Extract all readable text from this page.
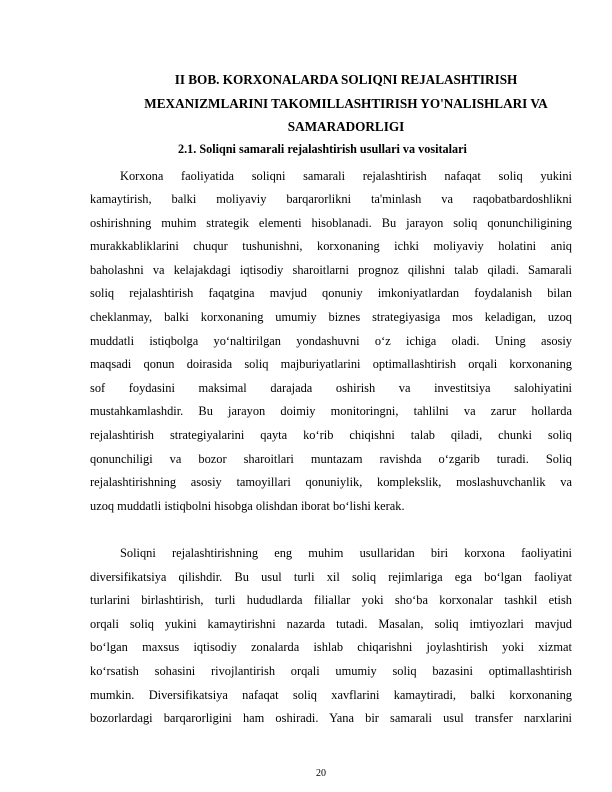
II BOB. KORXONALARDA SOLIQNI REJALASHTIRISH
MEXANIZMLARINI TAKOMILLASHTIRISH YO'NALISHLARI VA
SAMARADORLIGI
2.1. Soliqni samarali rejalashtirish usullari va vositalari
Korxona faoliyatida soliqni samarali rejalashtirish nafaqat soliq yukini
kamaytirish, balki moliyaviy barqarorlikni ta'minlash va raqobatbardoshlikni
oshirishning muhim strategik elementi hisoblanadi. Bu jarayon soliq qonunchiligining
murakkabliklarini chuqur tushunishni, korxonaning ichki moliyaviy holatini aniq
baholashni va kelajakdagi iqtisodiy sharoitlarni prognoz qilishni talab qiladi. Samarali
soliq rejalashtirish faqatgina mavjud qonuniy imkoniyatlardan foydalanish bilan
cheklanmay, balki korxonaning umumiy biznes strategiyasiga mos keladigan, uzoq
muddatli istiqbolga yo‘naltirilgan yondashuvni o‘z ichiga oladi. Uning asosiy
maqsadi qonun doirasida soliq majburiyatlarini optimallashtirish orqali korxonaning
sof foydasini maksimal darajada oshirish va investitsiya salohiyatini
mustahkamlashdir. Bu jarayon doimiy monitoringni, tahlilni va zarur hollarda
rejalashtirish strategiyalarini qayta ko‘rib chiqishni talab qiladi, chunki soliq
qonunchiligi va bozor sharoitlari muntazam ravishda o‘zgarib turadi. Soliq
rejalashtirishning asosiy tamoyillari qonuniylik, komplekslik, moslashuvchanlik va
uzoq muddatli istiqbolni hisobga olishdan iborat bo‘lishi kerak.
Soliqni rejalashtirishning eng muhim usullaridan biri korxona faoliyatini
diversifikatsiya qilishdir. Bu usul turli xil soliq rejimlariga ega bo‘lgan faoliyat
turlarini birlashtirish, turli hududlarda filiallar yoki sho‘ba korxonalar tashkil etish
orqali soliq yukini kamaytirishni nazarda tutadi. Masalan, soliq imtiyozlari mavjud
bo‘lgan maxsus iqtisodiy zonalarda ishlab chiqarishni joylashtirish yoki xizmat
ko‘rsatish sohasini rivojlantirish orqali umumiy soliq bazasini optimallashtirish
mumkin. Diversifikatsiya nafaqat soliq xavflarini kamaytiradi, balki korxonaning
bozorlardagi barqarorligini ham oshiradi. Yana bir samarali usul transfer narxlarini
20
